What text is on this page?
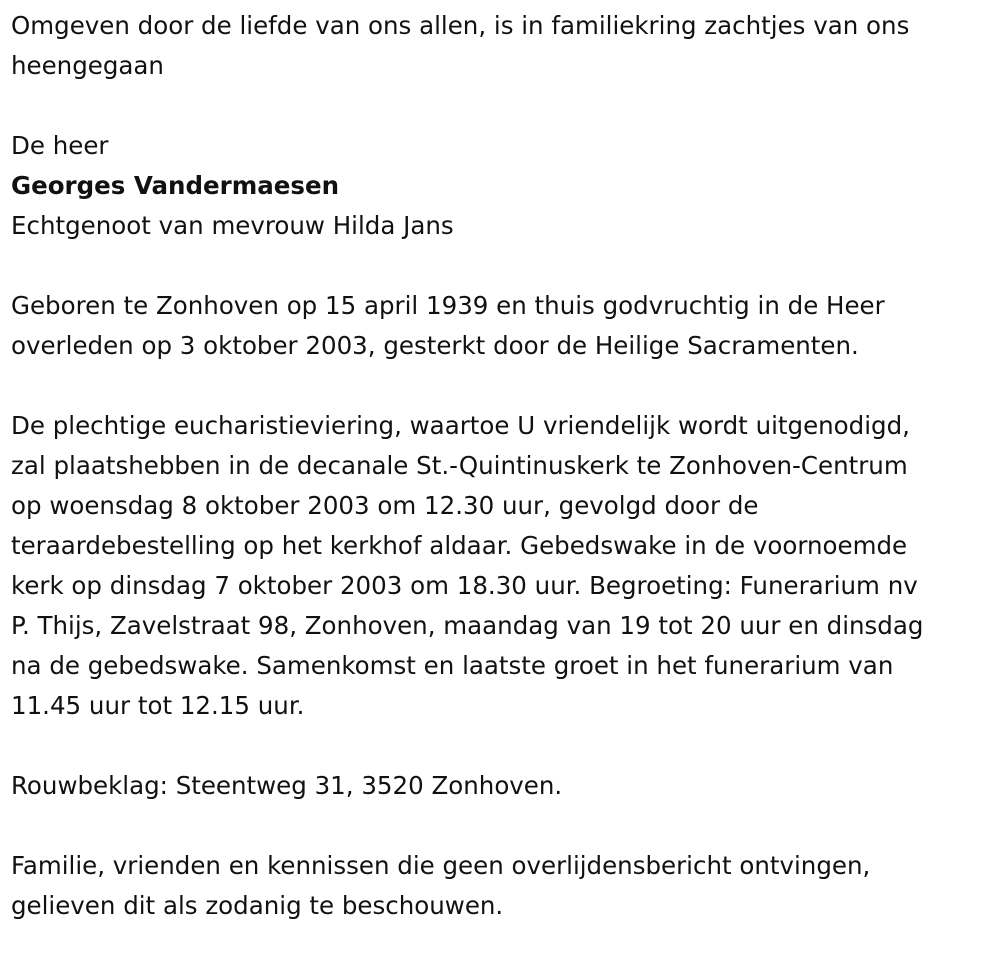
Omgeven door de liefde van ons allen, is in familiekring zachtjes van ons
heengegaan
De heer
Georges Vandermaesen
Echtgenoot van mevrouw Hilda Jans
Geboren te Zonhoven op 15 april 1939 en thuis godvruchtig in de Heer
overleden op 3 oktober 2003, gesterkt door de Heilige Sacramenten.
De plechtige eucharistieviering, waartoe U vriendelijk wordt uitgenodigd,
zal plaatshebben in de decanale St.-Quintinuskerk te Zonhoven-Centrum
op woensdag 8 oktober 2003 om 12.30 uur, gevolgd door de
teraardebestelling op het kerkhof aldaar. Gebedswake in de voornoemde
kerk op dinsdag 7 oktober 2003 om 18.30 uur. Begroeting: Funerarium nv
P. Thijs, Zavelstraat 98, Zonhoven, maandag van 19 tot 20 uur en dinsdag
na de gebedswake. Samenkomst en laatste groet in het funerarium van
11.45 uur tot 12.15 uur.
Rouwbeklag: Steentweg 31, 3520 Zonhoven.
Familie, vrienden en kennissen die geen overlijdensbericht ontvingen,
gelieven dit als zodanig te beschouwen.
